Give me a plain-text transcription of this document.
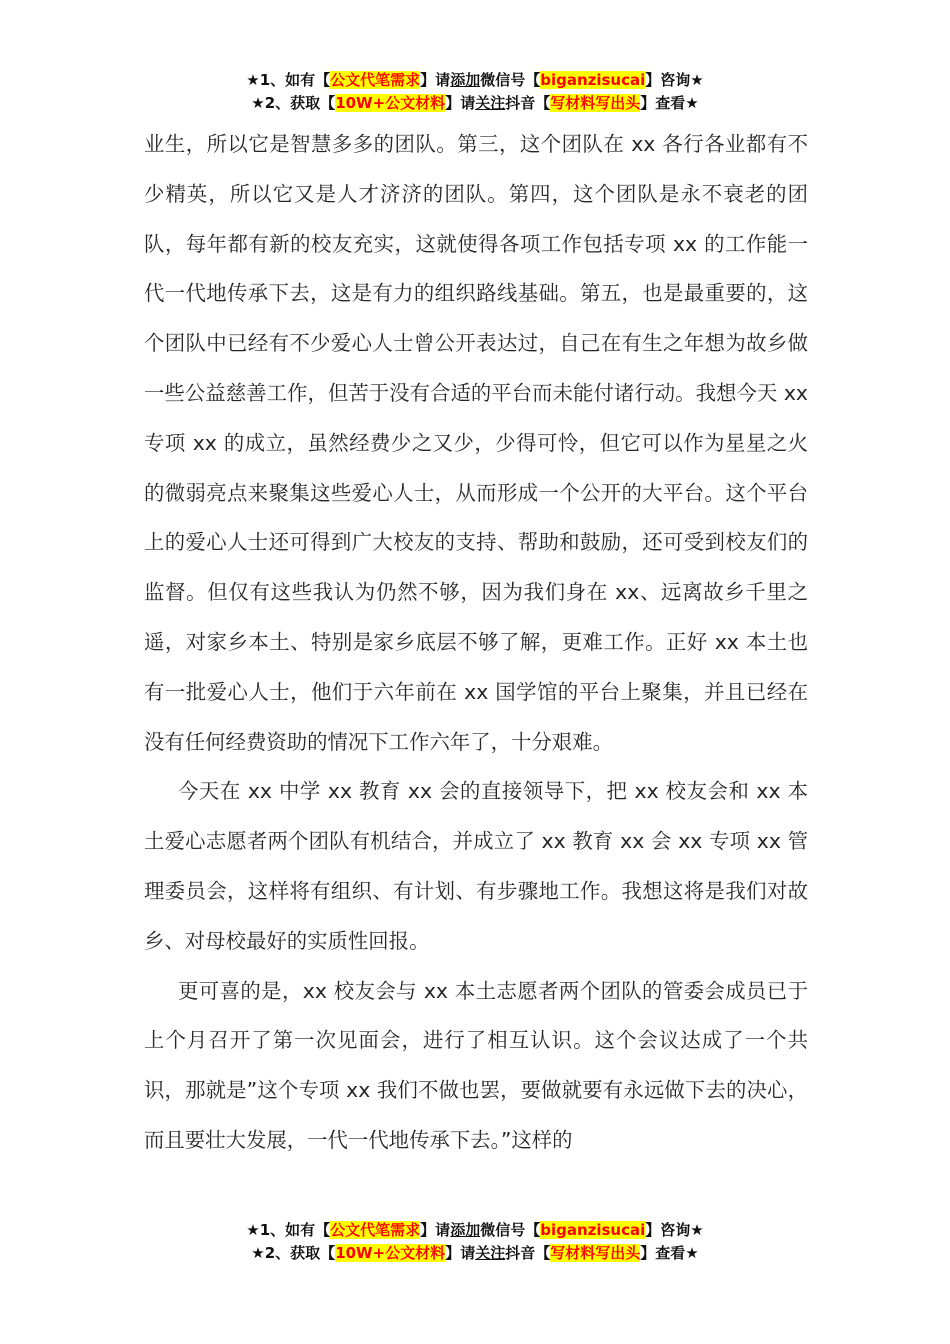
★1、如有【公文代笔需求】请添加微信号【biganzisucai】咨询★
★2、获取【10W+公文材料】请关注抖音【写材料写出头】查看★

业生，所以它是智慧多多的团队。第三，这个团队在 xx 各行各业都有不少精英，所以它又是人才济济的团队。第四，这个团队是永不衰老的团队，每年都有新的校友充实，这就使得各项工作包括专项 xx 的工作能一代一代地传承下去，这是有力的组织路线基础。第五，也是最重要的，这个团队中已经有不少爱心人士曾公开表达过，自己在有生之年想为故乡做一些公益慈善工作，但苦于没有合适的平台而未能付诸行动。我想今天 xx 专项 xx 的成立，虽然经费少之又少，少得可怜，但它可以作为星星之火的微弱亮点来聚集这些爱心人士，从而形成一个公开的大平台。这个平台上的爱心人士还可得到广大校友的支持、帮助和鼓励，还可受到校友们的监督。但仅有这些我认为仍然不够，因为我们身在 xx、远离故乡千里之遥，对家乡本土、特别是家乡底层不够了解，更难工作。正好 xx 本土也有一批爱心人士，他们于六年前在 xx 国学馆的平台上聚集，并且已经在没有任何经费资助的情况下工作六年了，十分艰难。

今天在 xx 中学 xx 教育 xx 会的直接领导下，把 xx 校友会和 xx 本土爱心志愿者两个团队有机结合，并成立了 xx 教育 xx 会 xx 专项 xx 管理委员会，这样将有组织、有计划、有步骤地工作。我想这将是我们对故乡、对母校最好的实质性回报。

更可喜的是，xx 校友会与 xx 本土志愿者两个团队的管委会成员已于上个月召开了第一次见面会，进行了相互认识。这个会议达成了一个共识，那就是”这个专项 xx 我们不做也罢，要做就要有永远做下去的决心，而且要壮大发展，一代一代地传承下去。”这样的

★1、如有【公文代笔需求】请添加微信号【biganzisucai】咨询★
★2、获取【10W+公文材料】请关注抖音【写材料写出头】查看★
